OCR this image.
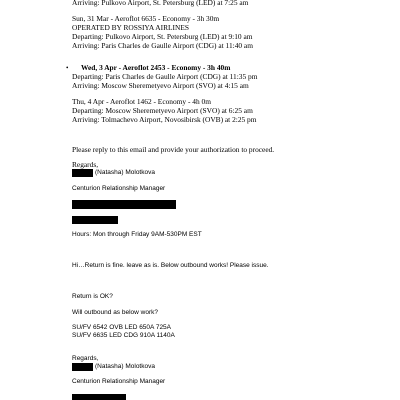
Arriving: Pulkovo Airport, St. Petersburg (LED) at 7:25 am
Sun, 31 Mar - Aeroflot 6635 - Economy - 3h 30m
OPERATED BY ROSSIYA AIRLINES
Departing: Pulkovo Airport, St. Petersburg (LED) at 9:10 am
Arriving: Paris Charles de Gaulle Airport (CDG) at 11:40 am
• Wed, 3 Apr - Aeroflot 2453 - Economy - 3h 40m
Departing: Paris Charles de Gaulle Airport (CDG) at 11:35 pm
Arriving: Moscow Sheremetyevo Airport (SVO) at 4:15 am
Thu, 4 Apr - Aeroflot 1462 - Economy - 4h 0m
Departing: Moscow Sheremetyevo Airport (SVO) at 6:25 am
Arriving: Tolmachevo Airport, Novosibirsk (OVB) at 2:25 pm
Please reply to this email and provide your authorization to proceed.
Regards,
(Natasha) Molotkova
Centurion Relationship Manager
Hours: Mon through Friday 9AM-530PM EST
Hi…Return is fine. leave as is. Below outbound works! Please issue.
Return is OK?
Will outbound as below work?
SU/FV 6542 OVB LED 650A 725A
SU/FV 6635 LED CDG 910A 1140A
Regards,
(Natasha) Molotkova
Centurion Relationship Manager
